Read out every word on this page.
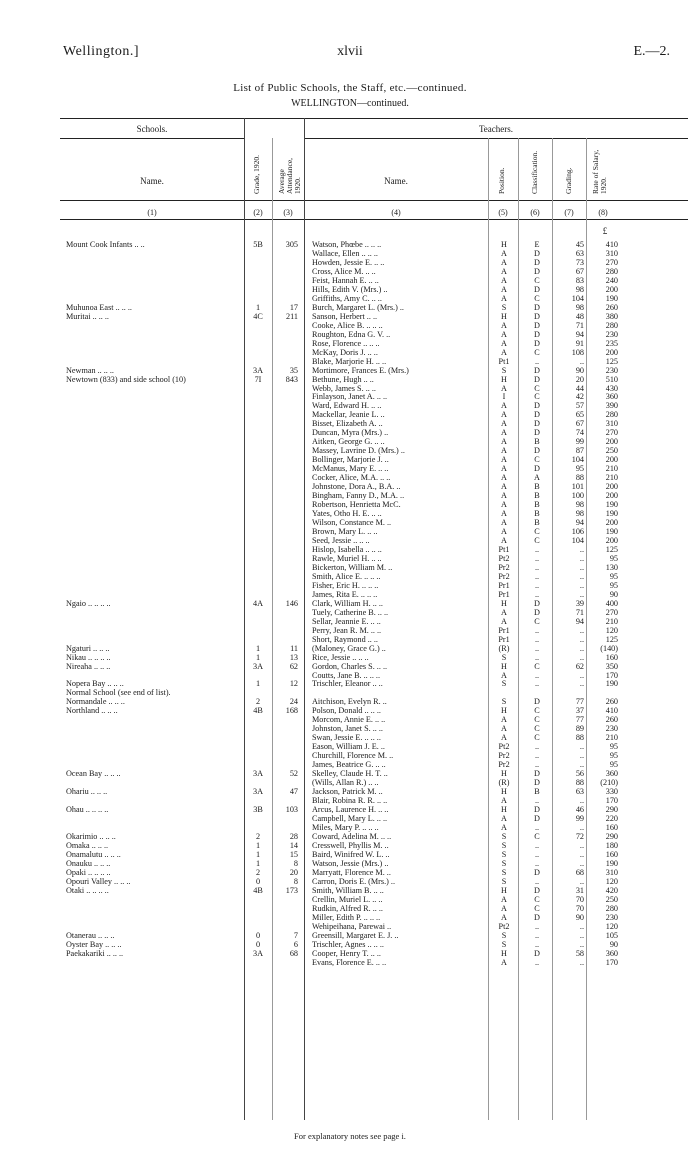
Wellington.]	xlvii	E.—2.
List of Public Schools, the Staff, etc.—continued.
WELLINGTON—continued.
Schools.	Teachers.
Name.	Name.
Grade, 1920. Average Attendance, 1920.	Position.	Classification.	Grading. Rate of Salary, 1920.
(1)	(2)	(3)	(4)	(5)	(6)	(7)	(8)
£
Mount Cook Infants .. ..	5B	305 Watson, Phœbe .. .. ..	H	E	45	410
Wallace, Ellen .. .. ..	A	D	63	310
Howden, Jessie E. .. ..	A	D	73	270
Cross, Alice M. .. ..	A	D	67	280
Feist, Hannah E. .. ..	A	C	83	240
Hills, Edith V. (Mrs.) ..	A	D	98	200
Griffiths, Amy C. .. ..	A	C	104	190
Muhunoa East .. .. ..	1	17 Burch, Margaret L. (Mrs.) ..	S	D	98	260
Muritai .. .. ..	4C	211 Sanson, Herbert .. ..	H	D	48	380
Cooke, Alice B. .. .. ..	A	D	71	280
Roughton, Edna G. V. ..	A	D	94	230
Rose, Florence .. .. ..	A	D	91	235
McKay, Doris J. .. ..	A	C	108	200
Blake, Marjorie H. .. ..	Pt1	..	..	125
Newman .. .. ..	3A	35 Mortimore, Frances E. (Mrs.)	S	D	90	230
Newtown (833) and side school (10)	7I	843 Bethune, Hugh .. ..	H	D	20	510
Webb, James S. .. ..	A	C	44	430
Finlayson, Janet A. .. ..	I	C	42	360
Ward, Edward H. .. ..	A	D	57	390
Mackellar, Jeanie L. ..	A	D	65	280
Bisset, Elizabeth A. ..	A	D	67	310
Duncan, Myra (Mrs.) ..	A	D	74	270
Aitken, George G. .. ..	A	B	99	200
Massey, Lavrine D. (Mrs.) ..	A	D	87	250
Bollinger, Marjorie J. ..	A	C	104	200
McManus, Mary E. .. ..	A	D	95	210
Cocker, Alice, M.A. .. ..	A	A	88	210
Johnstone, Dora A., B.A. ..	A	B	101	200
Bingham, Fanny D., M.A. ..	A	B	100	200
Robertson, Henrietta McC.	A	B	98	190
Yates, Otho H. E. .. ..	A	B	98	190
Wilson, Constance M. ..	A	B	94	200
Brown, Mary L. .. ..	A	C	106	190
Seed, Jessie .. .. ..	A	C	104	200
Hislop, Isabella .. .. ..	Pt1	..	..	125
Rawle, Muriel H. .. ..	Pt2	..	..	95
Bickerton, William M. ..	Pr2	..	..	130
Smith, Alice E. .. .. ..	Pr2	..	..	95
Fisher, Eric H. .. .. ..	Pr1	..	..	95
James, Rita E. .. .. ..	Pr1	..	..	90
Ngaio .. .. .. ..	4A	146 Clark, William H. .. ..	H	D	39	400
Tuely, Catherine B. .. ..	A	D	71	270
Sellar, Jeannie E. .. ..	A	C	94	210
Perry, Jean R. M. .. ..	Pr1	..	..	120
Short, Raymond .. ..	Pr1	..	..	125
Ngaturi .. .. ..	1	11 (Maloney, Grace G.) ..	(R)	..	..	(140)
Nikau .. .. .. ..	1	13 Rice, Jessie .. .. ..	S	..	..	160
Nireaha .. .. ..	3A	62 Gordon, Charles S. .. ..	H	C	62	350
Coutts, Jane B. .. .. ..	A	..	..	170
Nopera Bay .. .. ..	1	12 Trischler, Eleanor .. ..	S	..	..	190
Normal School (see end of list).
Normandale .. .. ..	2	24 Aitchison, Evelyn R. ..	S	D	77	260
Northland .. .. ..	4B	168 Polson, Donald .. .. ..	H	C	37	410
Morcom, Annie E. .. ..	A	C	77	260
Johnston, Janet S. .. ..	A	C	89	230
Swan, Jessie E. .. .. ..	A	C	88	210
Eason, William J. E. ..	Pt2	..	..	95
Churchill, Florence M. ..	Pr2	..	..	95
James, Beatrice G. .. ..	Pr2	..	..	95
Ocean Bay .. .. ..	3A	52 Skelley, Claude H. T. ..	H	D	56	360
(Wills, Allan R.) .. ..	(R)	D	88	(210)
Ohariu .. .. ..	3A	47 Jackson, Patrick M. ..	H	B	63	330
Blair, Robina R. R. .. ..	A	..	..	170
Ohau .. .. .. ..	3B	103 Arcus, Laurence H. .. ..	H	D	46	290
Campbell, Mary L. .. ..	A	D	99	220
Miles, Mary P. .. .. ..	A	..	..	160
Okarimio .. .. ..	2	28 Coward, Adelina M. .. ..	S	C	72	290
Omaka .. .. ..	1	14 Cresswell, Phyllis M. ..	S	..	..	180
Onamalutu .. .. ..	1	15 Baird, Winifred W. L. ..	S	..	..	160
Onauku .. .. ..	1	8 Watson, Jessie (Mrs.) ..	S	..	..	190
Opaki .. .. .. ..	2	20 Marryatt, Florence M. ..	S	D	68	310
Opouri Valley .. .. ..	0	8 Carron, Doris E. (Mrs.) ..	S	..	..	120
Otaki .. .. .. ..	4B	173 Smith, William B. .. ..	H	D	31	420
Crellin, Muriel L. .. ..	A	C	70	250
Rudkin, Alfred R. .. ..	A	C	70	280
Miller, Edith P. .. .. ..	A	D	90	230
Wehipeihana, Parewai ..	Pt2	..	..	120
Otanerau .. .. ..	0	7 Greensill, Margaret E. J. ..	S	..	..	105
Oyster Bay .. .. ..	0	6 Trischler, Agnes .. .. ..	S	..	..	90
Paekakariki .. .. ..	3A	68 Cooper, Henry T. .. ..	H	D	58	360
Evans, Florence E. .. ..	A	..	..	170
For explanatory notes see page i.
